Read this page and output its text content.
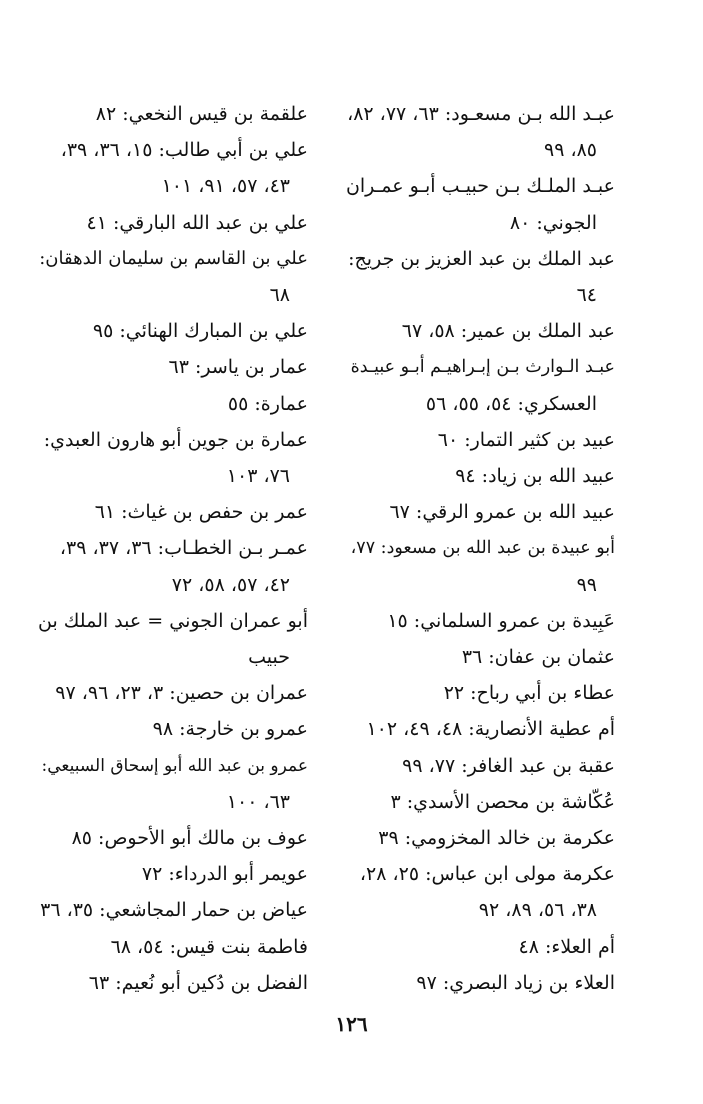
عبـد الله بـن مسعـود: ٦٣، ٧٧، ٨٢،
٨٥، ٩٩
عبـد الملـك بـن حبيـب أبـو عمـران
الجوني: ٨٠
عبد الملك بن عبد العزيز بن جريج:
٦٤
عبد الملك بن عمير: ٥٨، ٦٧
عبـد الـوارث بـن إبـراهيـم أبـو عبيـدة
العسكري: ٥٤، ٥٥، ٥٦
عبيد بن كثير التمار: ٦٠
عبيد الله بن زياد: ٩٤
عبيد الله بن عمرو الرقي: ٦٧
أبو عبيدة بن عبد الله بن مسعود: ٧٧،
٩٩
عَبِيدة بن عمرو السلماني: ١٥
عثمان بن عفان: ٣٦
عطاء بن أبي رباح: ٢٢
أم عطية الأنصارية: ٤٨، ٤٩، ١٠٢
عقبة بن عبد الغافر: ٧٧، ٩٩
عُكّاشة بن محصن الأسدي: ٣
عكرمة بن خالد المخزومي: ٣٩
عكرمة مولى ابن عباس: ٢٥، ٢٨،
٣٨، ٥٦، ٨٩، ٩٢
أم العلاء: ٤٨
العلاء بن زياد البصري: ٩٧
علقمة بن قيس النخعي: ٨٢
علي بن أبي طالب: ١٥، ٣٦، ٣٩،
٤٣، ٥٧، ٩١، ١٠١
علي بن عبد الله البارقي: ٤١
علي بن القاسم بن سليمان الدهقان:
٦٨
علي بن المبارك الهنائي: ٩٥
عمار بن ياسر: ٦٣
عمارة: ٥٥
عمارة بن جوين أبو هارون العبدي:
٧٦، ١٠٣
عمر بن حفص بن غياث: ٦١
عمـر بـن الخطـاب: ٣٦، ٣٧، ٣٩،
٤٢، ٥٧، ٥٨، ٧٢
أبو عمران الجوني = عبد الملك بن
حبيب
عمران بن حصين: ٣، ٢٣، ٩٦، ٩٧
عمرو بن خارجة: ٩٨
عمرو بن عبد الله أبو إسحاق السبيعي:
٦٣، ١٠٠
عوف بن مالك أبو الأحوص: ٨٥
عويمر أبو الدرداء: ٧٢
عياض بن حمار المجاشعي: ٣٥، ٣٦
فاطمة بنت قيس: ٥٤، ٦٨
الفضل بن دُكين أبو نُعيم: ٦٣
١٢٦
